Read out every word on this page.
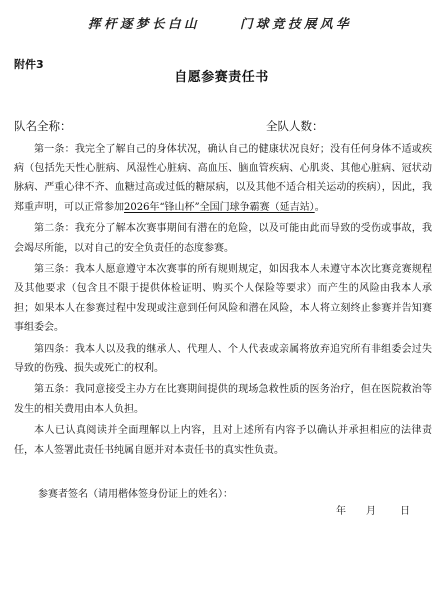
挥杆逐梦长白山	门球竞技展风华
附件3
自愿参赛责任书
队名全称：	全队人数：

第一条：我完全了解自己的身体状况，确认自己的健康状况良好；没有任何身体不适或疾病（包括先天性心脏病、风湿性心脏病、高血压、脑血管疾病、心肌炎、其他心脏病、冠状动脉病、严重心律不齐、血糖过高或过低的糖尿病，以及其他不适合相关运动的疾病），因此，我郑重声明，可以正常参加2026年“锋山杯”全国门球争霸赛（延吉站）。

第二条：我充分了解本次赛事期间有潜在的危险，以及可能由此而导致的受伤或事故，我会竭尽所能，以对自己的安全负责任的态度参赛。

第三条：我本人愿意遵守本次赛事的所有规则规定，如因我本人未遵守本次比赛竞赛规程及其他要求（包含且不限于提供体检证明、购买个人保险等要求）而产生的风险由我本人承担；如果本人在参赛过程中发现或注意到任何风险和潜在风险，本人将立刻终止参赛并告知赛事组委会。

第四条：我本人以及我的继承人、代理人、个人代表或亲属将放弃追究所有非组委会过失导致的伤残、损失或死亡的权利。

第五条：我同意接受主办方在比赛期间提供的现场急救性质的医务治疗，但在医院救治等发生的相关费用由本人负担。

本人已认真阅读并全面理解以上内容，且对上述所有内容予以确认并承担相应的法律责任，本人签署此责任书纯属自愿并对本责任书的真实性负责。

参赛者签名（请用楷体签身份证上的姓名）：
年 月 日
